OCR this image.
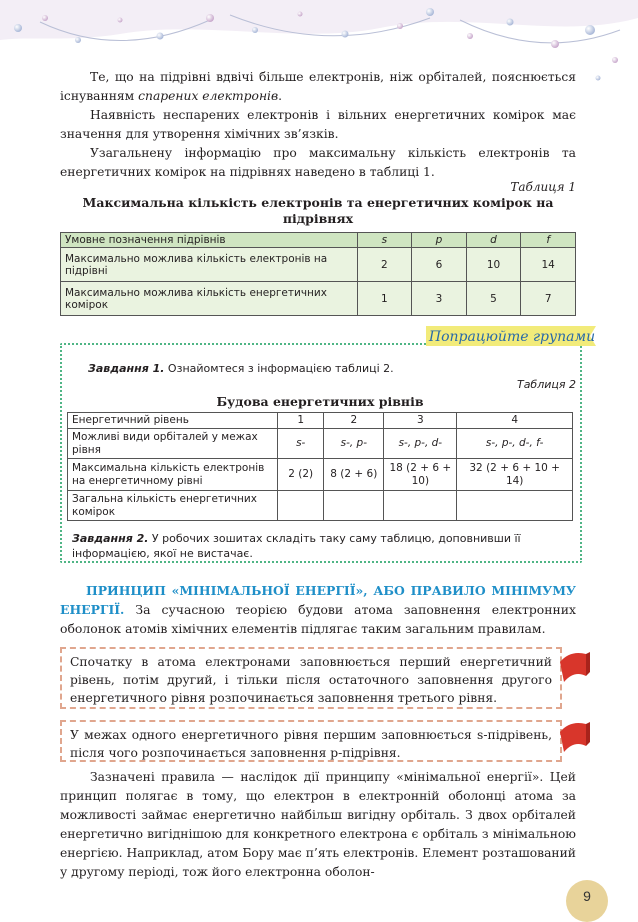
Те, що на підрівні вдвічі більше електронів, ніж орбіталей, пояснюється існуванням спарених електронів.
Наявність неспарених електронів і вільних енергетичних комірок має значення для утворення хімічних зв’язків.
Узагальнену інформацію про максимальну кількість електронів та енергетичних комірок на підрівнях наведено в таблиці 1.
Таблиця 1
Максимальна кількість електронів та енергетичних комірок на підрівнях
Умовне позначення підрівнів	s	p	d	f
Максимально можлива кількість електронів на підрівні	2	6	10	14
Максимально можлива кількість енергетичних комірок	1	3	5	7
Попрацюйте групами
Завдання 1. Ознайомтеся з інформацією таблиці 2.
Таблиця 2
Будова енергетичних рівнів
Енергетичний рівень	1	2	3	4
Можливі види орбіталей у межах рівня	s-	s-, p-	s-, p-, d-	s-, p-, d-, f-
Максимальна кількість електронів на енергетичному рівні	2 (2)	8 (2 + 6)	18 (2 + 6 + 10)	32 (2 + 6 + 10 + 14)
Загальна кількість енергетичних комірок				
Завдання 2. У робочих зошитах складіть таку саму таблицю, доповнивши її інформацією, якої не вистачає.
ПРИНЦИП «МІНІМАЛЬНОЇ ЕНЕРГІЇ», АБО ПРАВИЛО МІНІМУМУ ЕНЕРГІЇ. За сучасною теорією будови атома заповнення електронних оболонок атомів хімічних елементів підлягає таким загальним правилам.
Спочатку в атома електронами заповнюється перший енергетичний рівень, потім другий, і тільки після остаточного заповнення другого енергетичного рівня розпочинається заповнення третього рівня.
У межах одного енергетичного рівня першим заповнюється s-підрівень, після чого розпочинається заповнення p-підрівня.
Зазначені правила — наслідок дії принципу «мінімальної енергії». Цей принцип полягає в тому, що електрон в електронній оболонці атома за можливості займає енергетично найбільш вигідну орбіталь. З двох орбіталей енергетично вигіднішою для конкретного електрона є орбіталь з мінімальною енергією. Наприклад, атом Бору має п’ять електронів. Елемент розташований у другому періоді, тож його електронна оболон-
9
